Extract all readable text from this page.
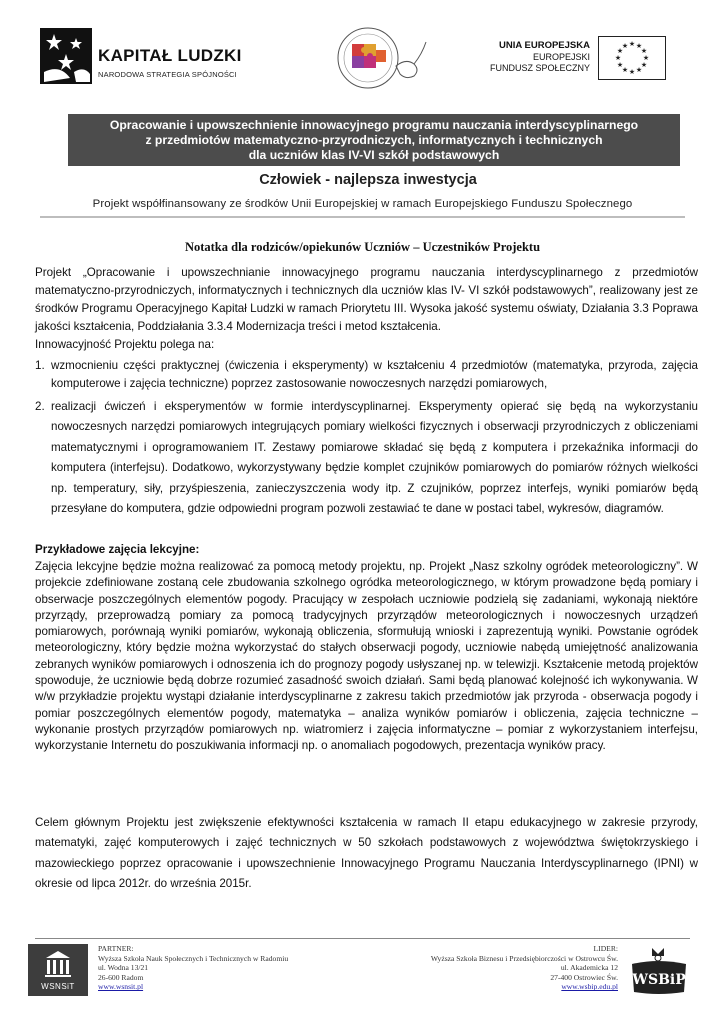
KAPITAŁ LUDZKI
NARODOWA STRATEGIA SPÓJNOŚCI
UNIA EUROPEJSKA
EUROPEJSKI
FUNDUSZ SPOŁECZNY
★ ★
★
★
★
★
★
★
★
★
★
★
Opracowanie i upowszechnienie innowacyjnego programu nauczania interdyscyplinarnego
z przedmiotów matematyczno-przyrodniczych, informatycznych i technicznych
dla uczniów klas IV-VI szkół podstawowych
Człowiek - najlepsza inwestycja
Projekt współfinansowany ze środków Unii Europejskiej w ramach Europejskiego Funduszu Społecznego
Notatka dla rodziców/opiekunów Uczniów – Uczestników Projektu
Projekt „Opracowanie i upowszechnianie innowacyjnego programu nauczania interdyscyplinarnego z przedmiotów matematyczno-przyrodniczych, informatycznych i technicznych dla uczniów klas IV- VI szkół podstawowych”, realizowany jest ze środków Programu Operacyjnego Kapitał Ludzki w ramach Priorytetu III. Wysoka jakość systemu oświaty, Działania 3.3 Poprawa jakości kształcenia, Poddziałania 3.3.4 Modernizacja treści i metod kształcenia.
Innowacyjność Projektu polega na:
1. wzmocnieniu części praktycznej (ćwiczenia i eksperymenty) w kształceniu 4 przedmiotów (matematyka, przyroda, zajęcia komputerowe i zajęcia techniczne) poprzez zastosowanie nowoczesnych narzędzi pomiarowych,
2. realizacji ćwiczeń i eksperymentów w formie interdyscyplinarnej. Eksperymenty opierać się będą na wykorzystaniu nowoczesnych narzędzi pomiarowych integrujących pomiary wielkości fizycznych i obserwacji przyrodniczych z obliczeniami matematycznymi i oprogramowaniem IT. Zestawy pomiarowe składać się będą z komputera i przekaźnika informacji do komputera (interfejsu). Dodatkowo, wykorzystywany będzie komplet czujników pomiarowych do pomiarów różnych wielkości np. temperatury, siły, przyśpieszenia, zanieczyszczenia wody itp. Z czujników, poprzez interfejs, wyniki pomiarów będą przesyłane do komputera, gdzie odpowiedni program pozwoli zestawiać te dane w postaci tabel, wykresów, diagramów.
Przykładowe zajęcia lekcyjne:
Zajęcia lekcyjne będzie można realizować za pomocą metody projektu, np. Projekt „Nasz szkolny ogródek meteorologiczny”. W projekcie zdefiniowane zostaną cele zbudowania szkolnego ogródka meteorologicznego, w którym prowadzone będą pomiary i obserwacje poszczególnych elementów pogody. Pracujący w zespołach uczniowie podzielą się zadaniami, wykonają niektóre przyrządy, przeprowadzą pomiary za pomocą tradycyjnych przyrządów meteorologicznych i nowoczesnych urządzeń pomiarowych, porównają wyniki pomiarów, wykonają obliczenia, sformułują wnioski i zaprezentują wyniki. Powstanie ogródek meteorologiczny, który będzie można wykorzystać do stałych obserwacji pogody, uczniowie nabędą umiejętność analizowania zebranych wyników pomiarowych i odnoszenia ich do prognozy pogody usłyszanej np. w telewizji. Kształcenie metodą projektów spowoduje, że uczniowie będą dobrze rozumieć zasadność swoich działań. Sami będą planować kolejność ich wykonywania. W w/w przykładzie projektu wystąpi działanie interdyscyplinarne z zakresu takich przedmiotów jak przyroda - obserwacja pogody i pomiar poszczególnych elementów pogody, matematyka – analiza wyników pomiarów i obliczenia, zajęcia techniczne – wykonanie prostych przyrządów pomiarowych np. wiatromierz i zajęcia informatyczne – pomiar z wykorzystaniem interfejsu, wykorzystanie Internetu do poszukiwania informacji np. o anomaliach pogodowych, prezentacja wyników pracy.
Celem głównym Projektu jest zwiększenie efektywności kształcenia w ramach II etapu edukacyjnego w zakresie przyrody, matematyki, zajęć komputerowych i zajęć technicznych w 50 szkołach podstawowych z województwa świętokrzyskiego i mazowieckiego poprzez opracowanie i upowszechnienie Innowacyjnego Programu Nauczania Interdyscyplinarnego (IPNI) w okresie od lipca 2012r. do września 2015r.
WSNSiT
PARTNER:
Wyższa Szkoła Nauk Społecznych i Technicznych w Radomiu
ul. Wodna 13/21
26-600 Radom
www.wsnsit.pl
LIDER:
Wyższa Szkoła Biznesu i Przedsiębiorczości w Ostrowcu Św.
ul. Akademicka 12
27-400 Ostrowiec Św.
www.wsbip.edu.pl WSBiP
